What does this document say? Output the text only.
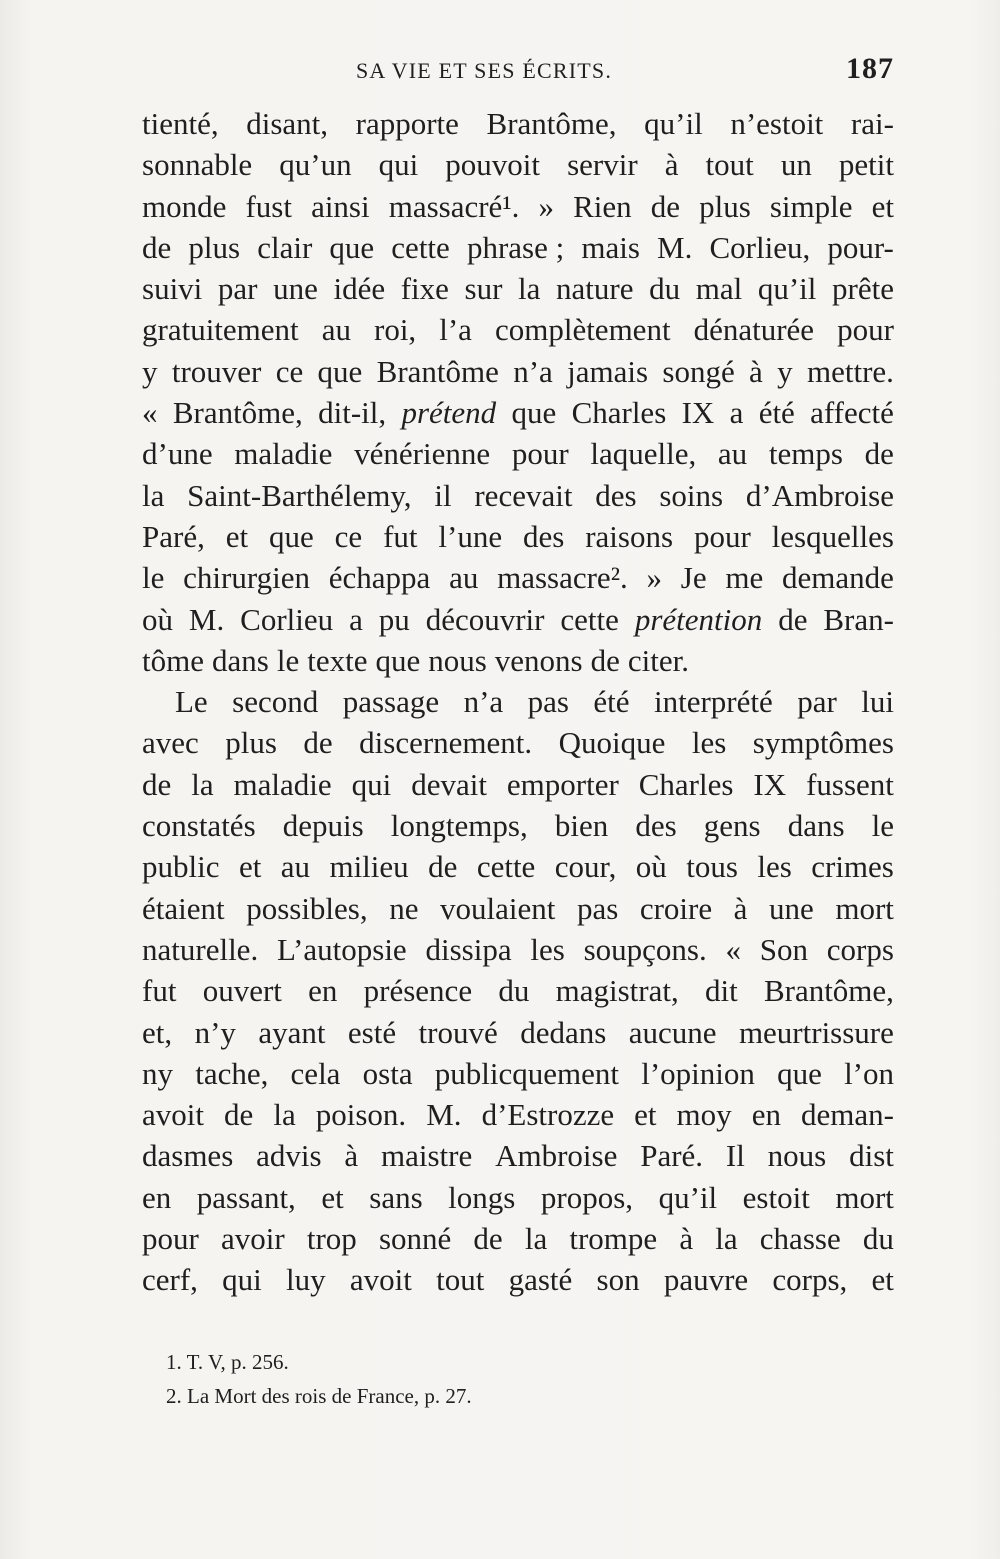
SA VIE ET SES ÉCRITS.	187
tienté, disant, rapporte Brantôme, qu’il n’estoit rai-
sonnable qu’un qui pouvoit servir à tout un petit
monde fust ainsi massacré¹. » Rien de plus simple et
de plus clair que cette phrase ; mais M. Corlieu, pour-
suivi par une idée fixe sur la nature du mal qu’il prête
gratuitement au roi, l’a complètement dénaturée pour
y trouver ce que Brantôme n’a jamais songé à y mettre.
« Brantôme, dit-il, prétend que Charles IX a été affecté
d’une maladie vénérienne pour laquelle, au temps de
la Saint-Barthélemy, il recevait des soins d’Ambroise
Paré, et que ce fut l’une des raisons pour lesquelles
le chirurgien échappa au massacre². » Je me demande
où M. Corlieu a pu découvrir cette prétention de Bran-
tôme dans le texte que nous venons de citer.
Le second passage n’a pas été interprété par lui
avec plus de discernement. Quoique les symptômes
de la maladie qui devait emporter Charles IX fussent
constatés depuis longtemps, bien des gens dans le
public et au milieu de cette cour, où tous les crimes
étaient possibles, ne voulaient pas croire à une mort
naturelle. L’autopsie dissipa les soupçons. « Son corps
fut ouvert en présence du magistrat, dit Brantôme,
et, n’y ayant esté trouvé dedans aucune meurtrissure
ny tache, cela osta publicquement l’opinion que l’on
avoit de la poison. M. d’Estrozze et moy en deman-
dasmes advis à maistre Ambroise Paré. Il nous dist
en passant, et sans longs propos, qu’il estoit mort
pour avoir trop sonné de la trompe à la chasse du
cerf, qui luy avoit tout gasté son pauvre corps, et
1. T. V, p. 256.
2. La Mort des rois de France, p. 27.
